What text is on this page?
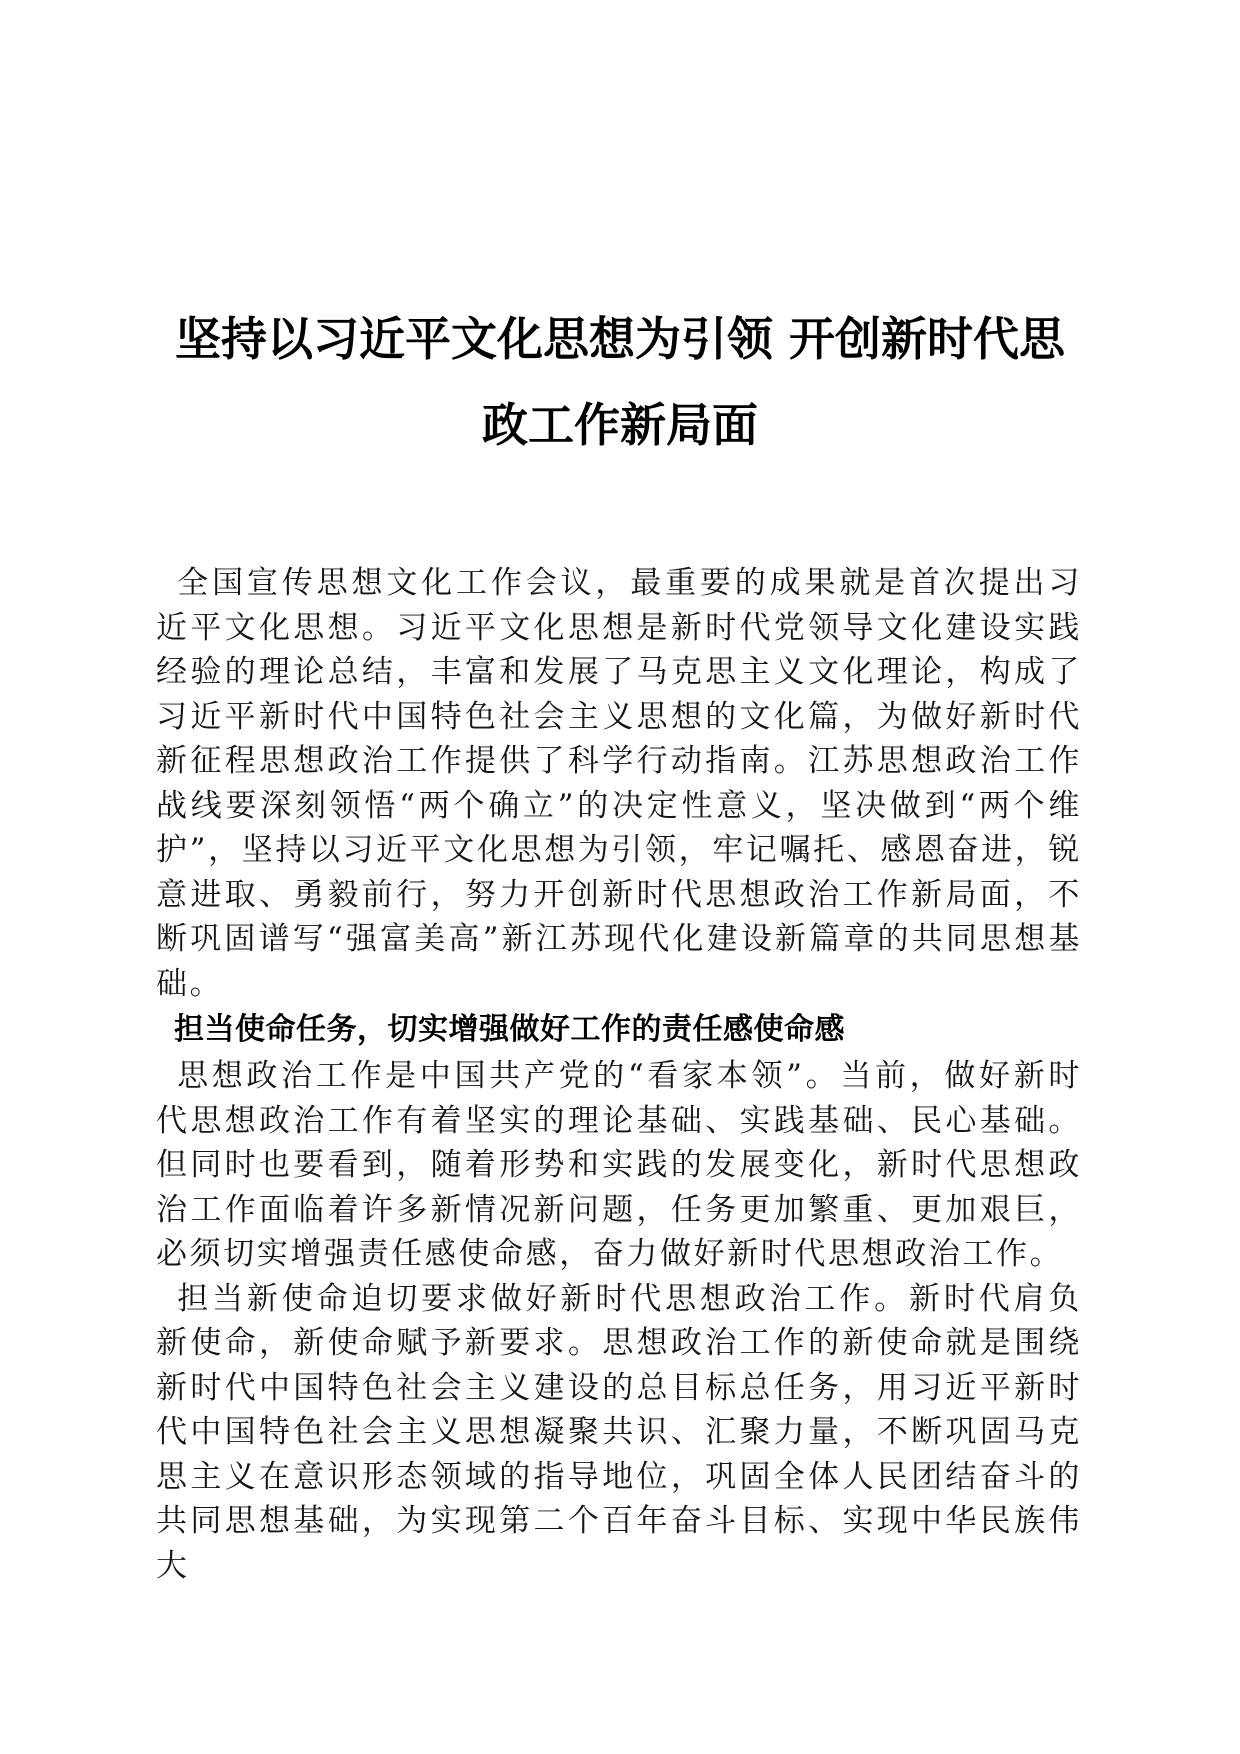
坚持以习近平文化思想为引领 开创新时代思
政工作新局面

全国宣传思想文化工作会议，最重要的成果就是首次提出习近平文化思想。习近平文化思想是新时代党领导文化建设实践经验的理论总结，丰富和发展了马克思主义文化理论，构成了习近平新时代中国特色社会主义思想的文化篇，为做好新时代新征程思想政治工作提供了科学行动指南。江苏思想政治工作战线要深刻领悟“两个确立”的决定性意义，坚决做到“两个维护”，坚持以习近平文化思想为引领，牢记嘱托、感恩奋进，锐意进取、勇毅前行，努力开创新时代思想政治工作新局面，不断巩固谱写“强富美高”新江苏现代化建设新篇章的共同思想基础。

担当使命任务，切实增强做好工作的责任感使命感

思想政治工作是中国共产党的“看家本领”。当前，做好新时代思想政治工作有着坚实的理论基础、实践基础、民心基础。但同时也要看到，随着形势和实践的发展变化，新时代思想政治工作面临着许多新情况新问题，任务更加繁重、更加艰巨，必须切实增强责任感使命感，奋力做好新时代思想政治工作。

担当新使命迫切要求做好新时代思想政治工作。新时代肩负新使命，新使命赋予新要求。思想政治工作的新使命就是围绕新时代中国特色社会主义建设的总目标总任务，用习近平新时代中国特色社会主义思想凝聚共识、汇聚力量，不断巩固马克思主义在意识形态领域的指导地位，巩固全体人民团结奋斗的共同思想基础，为实现第二个百年奋斗目标、实现中华民族伟大
